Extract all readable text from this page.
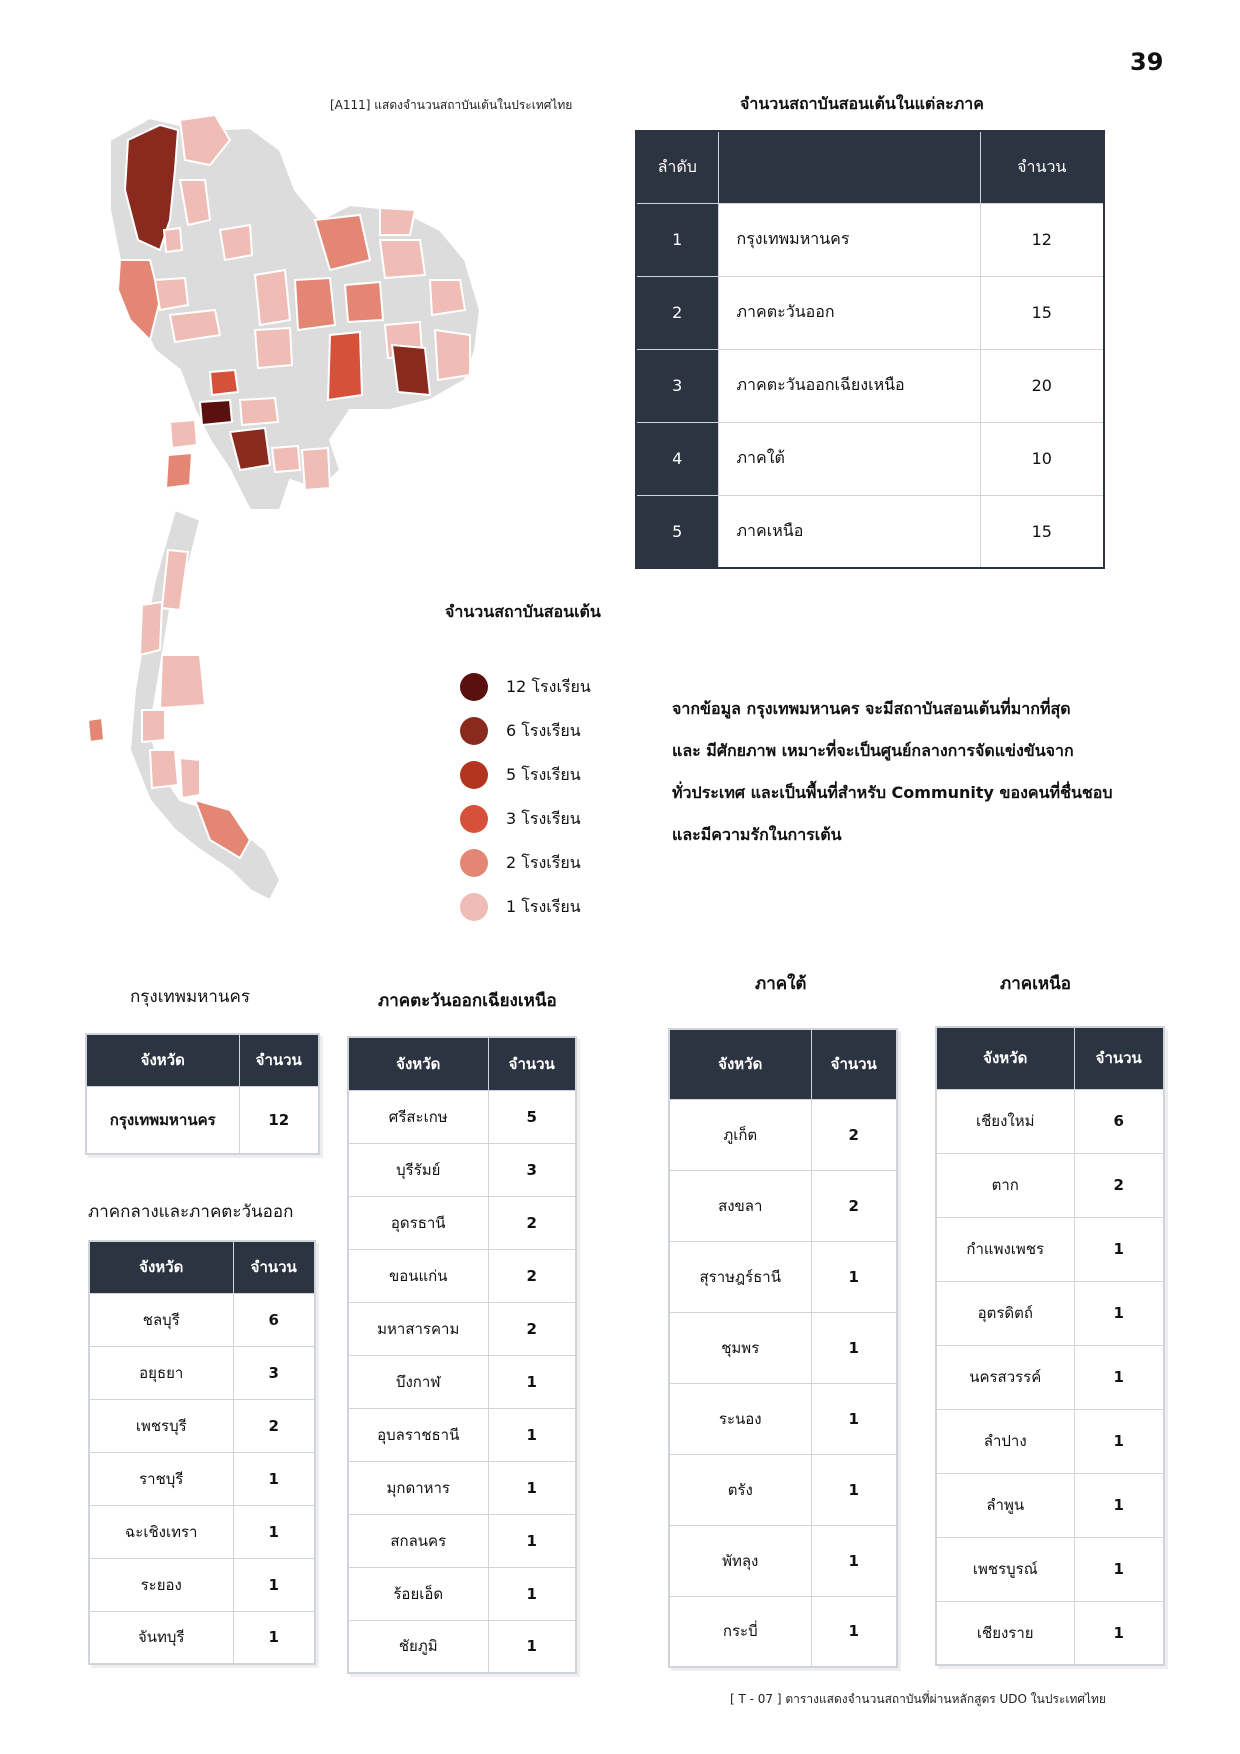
39
[A111] แสดงจำนวนสถาบันเต้นในประเทศไทย	จำนวนสถาบันสอนเต้นในแต่ละภาค
ลำดับ		จำนวน
1	กรุงเทพมหานคร	12
2	ภาคตะวันออก	15
3	ภาคตะวันออกเฉียงเหนือ	20
4	ภาคใต้	10
5	ภาคเหนือ	15
จำนวนสถาบันสอนเต้น
12 โรงเรียน
6 โรงเรียน
5 โรงเรียน
3 โรงเรียน
2 โรงเรียน
1 โรงเรียน
จากข้อมูล กรุงเทพมหานคร จะมีสถาบันสอนเต้นที่มากที่สุด
และ มีศักยภาพ เหมาะที่จะเป็นศูนย์กลางการจัดแข่งขันจาก
ทั่วประเทศ และเป็นพื้นที่สำหรับ Community ของคนที่ชื่นชอบ
และมีความรักในการเต้น
กรุงเทพมหานคร
จังหวัด	จำนวน
กรุงเทพมหานคร	12
ภาคกลางและภาคตะวันออก
จังหวัด	จำนวน
ชลบุรี	6
อยุธยา	3
เพชรบุรี	2
ราชบุรี	1
ฉะเชิงเทรา	1
ระยอง	1
จันทบุรี	1
ภาคตะวันออกเฉียงเหนือ
จังหวัด	จำนวน
ศรีสะเกษ	5
บุรีรัมย์	3
อุดรธานี	2
ขอนแก่น	2
มหาสารคาม	2
บึงกาฬ	1
อุบลราชธานี	1
มุกดาหาร	1
สกลนคร	1
ร้อยเอ็ด	1
ชัยภูมิ	1
ภาคใต้
จังหวัด	จำนวน
ภูเก็ต	2
สงขลา	2
สุราษฎร์ธานี	1
ชุมพร	1
ระนอง	1
ตรัง	1
พัทลุง	1
กระบี่	1
ภาคเหนือ
จังหวัด	จำนวน
เชียงใหม่	6
ตาก	2
กำแพงเพชร	1
อุตรดิตถ์	1
นครสวรรค์	1
ลำปาง	1
ลำพูน	1
เพชรบูรณ์	1
เชียงราย	1
[ T - 07 ] ตารางแสดงจำนวนสถาบันที่ผ่านหลักสูตร UDO ในประเทศไทย
